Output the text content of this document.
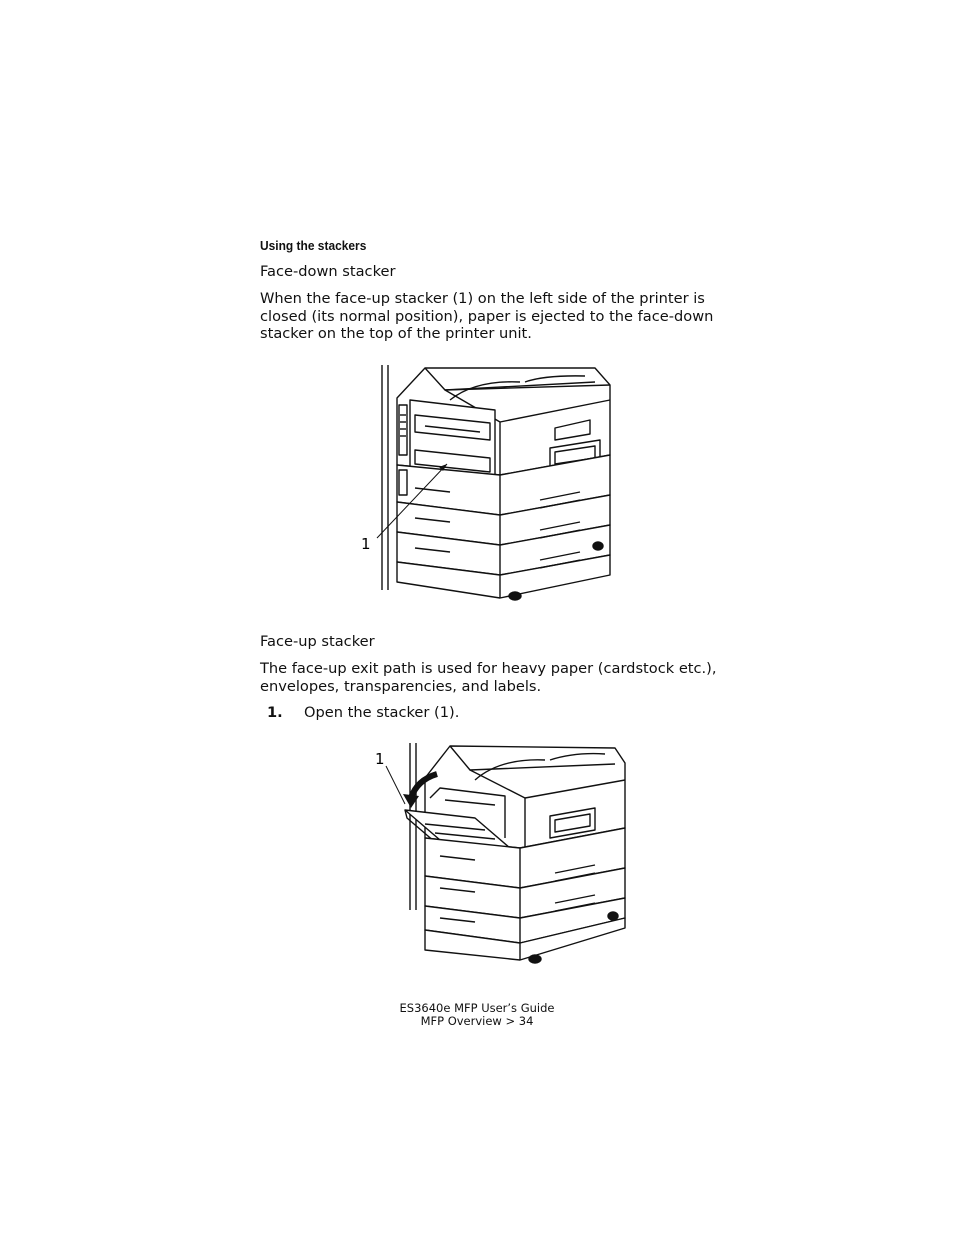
Using the stackers
Face-down stacker

When the face-up stacker (1) on the left side of the printer is closed (its normal position), paper is ejected to the face-down stacker on the top of the printer unit.

1
Face-up stacker

The face-up exit path is used for heavy paper (cardstock etc.), envelopes, transparencies, and labels.

1. Open the stacker (1).
1
ES3640e MFP User’s Guide
MFP Overview > 34
